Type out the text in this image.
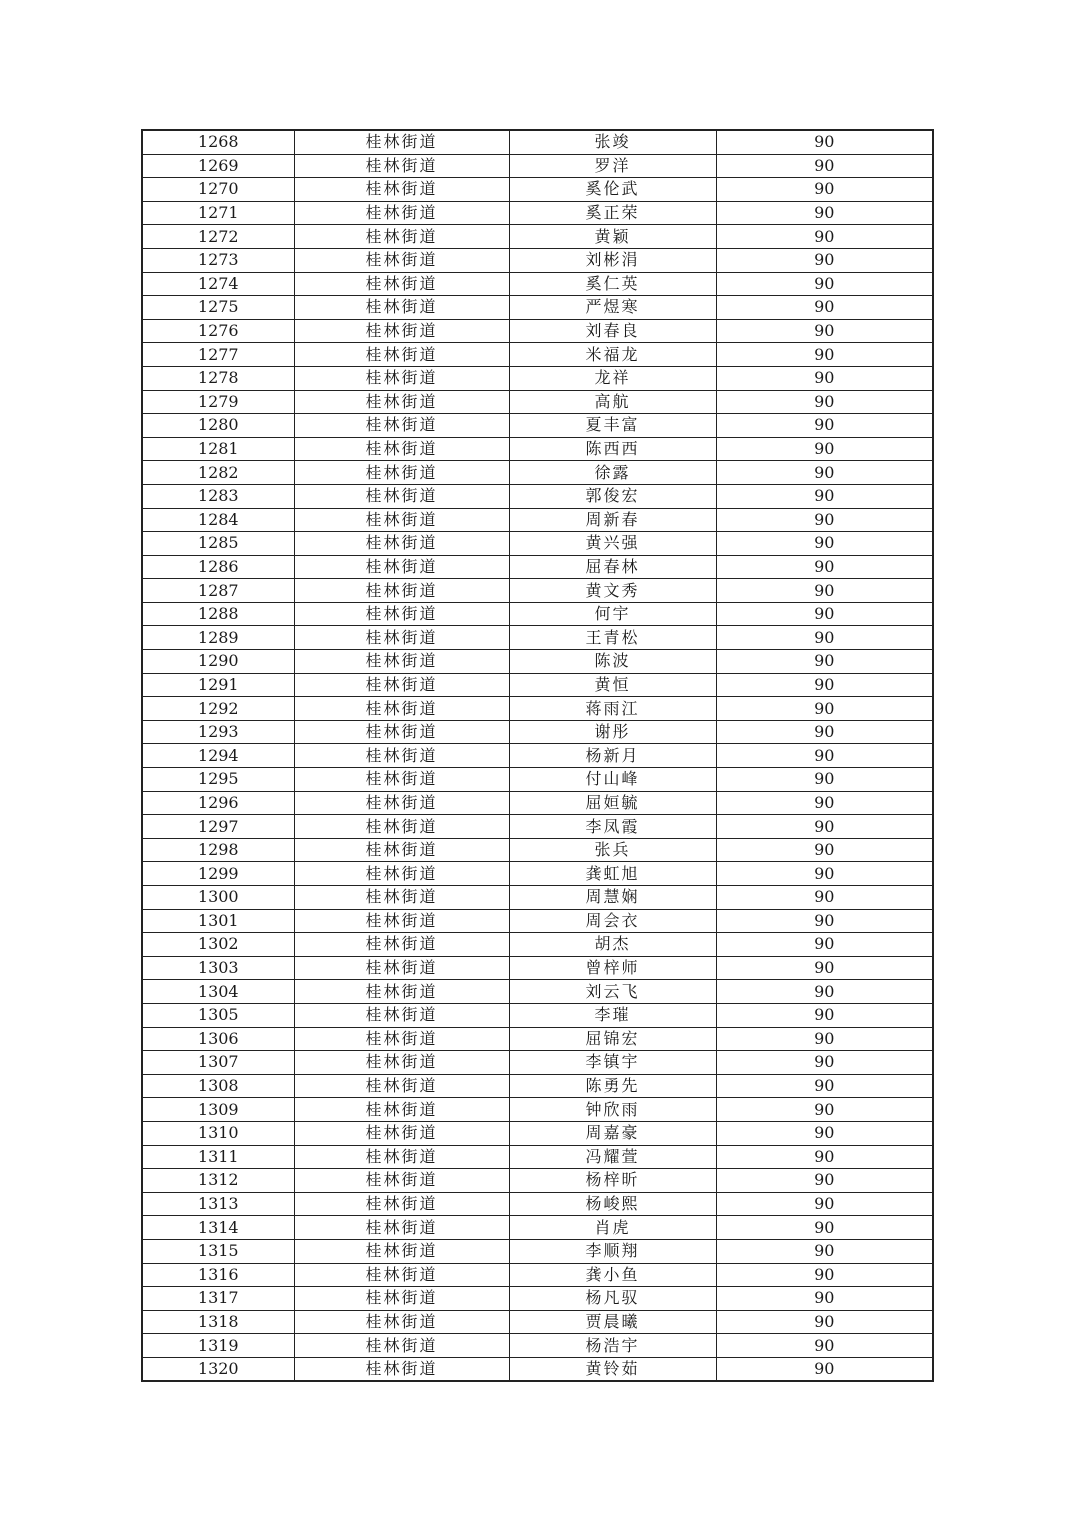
1268	桂林街道	张竣	90
1269	桂林街道	罗洋	90
1270	桂林街道	奚伦武	90
1271	桂林街道	奚正荣	90
1272	桂林街道	黄颖	90
1273	桂林街道	刘彬涓	90
1274	桂林街道	奚仁英	90
1275	桂林街道	严煜寒	90
1276	桂林街道	刘春良	90
1277	桂林街道	米福龙	90
1278	桂林街道	龙祥	90
1279	桂林街道	高航	90
1280	桂林街道	夏丰富	90
1281	桂林街道	陈西西	90
1282	桂林街道	徐露	90
1283	桂林街道	郭俊宏	90
1284	桂林街道	周新春	90
1285	桂林街道	黄兴强	90
1286	桂林街道	屈春林	90
1287	桂林街道	黄文秀	90
1288	桂林街道	何宇	90
1289	桂林街道	王青松	90
1290	桂林街道	陈波	90
1291	桂林街道	黄恒	90
1292	桂林街道	蒋雨江	90
1293	桂林街道	谢彤	90
1294	桂林街道	杨新月	90
1295	桂林街道	付山峰	90
1296	桂林街道	屈姮毓	90
1297	桂林街道	李凤霞	90
1298	桂林街道	张兵	90
1299	桂林街道	龚虹旭	90
1300	桂林街道	周慧娴	90
1301	桂林街道	周会衣	90
1302	桂林街道	胡杰	90
1303	桂林街道	曾梓师	90
1304	桂林街道	刘云飞	90
1305	桂林街道	李璀	90
1306	桂林街道	屈锦宏	90
1307	桂林街道	李镇宇	90
1308	桂林街道	陈勇先	90
1309	桂林街道	钟欣雨	90
1310	桂林街道	周嘉豪	90
1311	桂林街道	冯耀萱	90
1312	桂林街道	杨梓昕	90
1313	桂林街道	杨峻熙	90
1314	桂林街道	肖虎	90
1315	桂林街道	李顺翔	90
1316	桂林街道	龚小鱼	90
1317	桂林街道	杨凡驭	90
1318	桂林街道	贾晨曦	90
1319	桂林街道	杨浩宇	90
1320	桂林街道	黄铃茹	90
